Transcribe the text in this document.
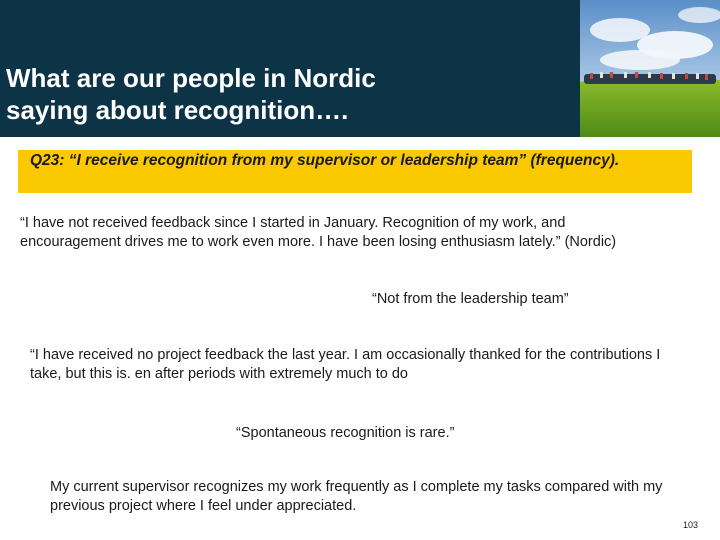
What are our people in Nordic
saying about recognition….
Q23: “I receive recognition from my supervisor or leadership team” (frequency).
“I have not received feedback since I started in January. Recognition of my work, and encouragement drives me to work even more. I have been losing enthusiasm lately.” (Nordic)
“Not from the leadership team”
“I have received no project feedback the last year. I am occasionally thanked for the contributions I take, but this is. en after periods with extremely much to do
“Spontaneous recognition is rare.”
My current supervisor recognizes my work frequently as I complete my tasks compared with my previous project where I feel under appreciated.
103
